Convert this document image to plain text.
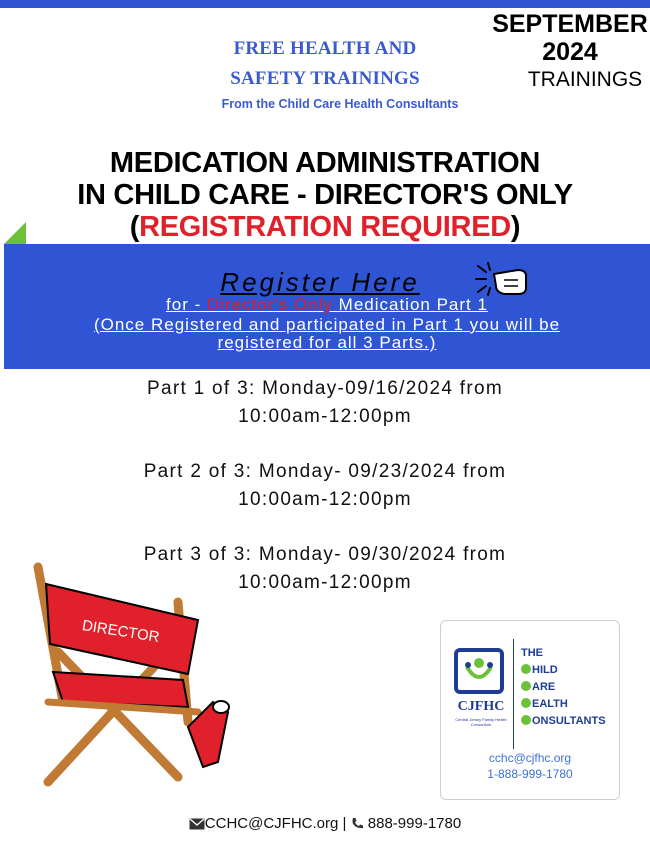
FREE HEALTH AND
SAFETY TRAININGS
From the Child Care Health Consultants
SEPTEMBER
2024
TRAININGS
MEDICATION ADMINISTRATION
IN CHILD CARE - DIRECTOR'S ONLY
(REGISTRATION REQUIRED)
Register Here
for - Director's Only Medication Part 1
(Once Registered and participated in Part 1 you will be
registered for all 3 Parts.)
Part 1 of 3: Monday-09/16/2024 from
10:00am-12:00pm
Part 2 of 3: Monday- 09/23/2024 from
10:00am-12:00pm
Part 3 of 3: Monday- 09/30/2024 from
10:00am-12:00pm
DIRECTOR
CJFHC
Central Jersey Family Health Consortium
THE
HILD
ARE
EALTH
ONSULTANTS
cchc@cjfhc.org
1-888-999-1780
CCHC@CJFHC.org |  888-999-1780
